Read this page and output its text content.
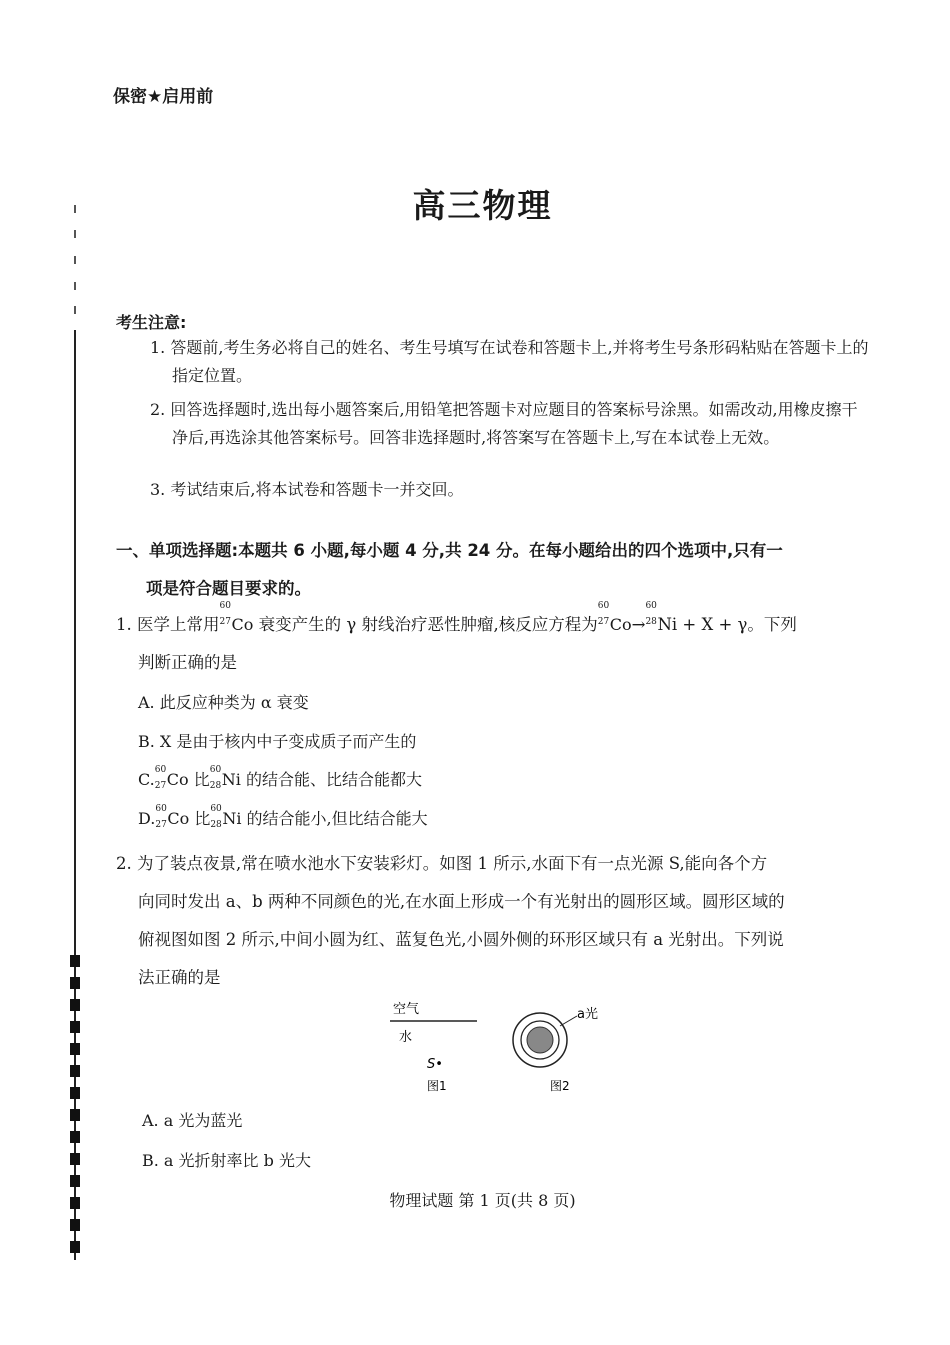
保密★启用前
高三物理
考生注意:
1. 答题前,考生务必将自己的姓名、考生号填写在试卷和答题卡上,并将考生号条形码粘贴在答题卡上的指定位置。
2. 回答选择题时,选出每小题答案后,用铅笔把答题卡对应题目的答案标号涂黑。如需改动,用橡皮擦干净后,再选涂其他答案标号。回答非选择题时,将答案写在答题卡上,写在本试卷上无效。
3. 考试结束后,将本试卷和答题卡一并交回。
一、单项选择题:本题共 6 小题,每小题 4 分,共 24 分。在每小题给出的四个选项中,只有一
项是符合题目要求的。
1. 医学上常用
60
27 Co 衰变产生的 γ 射线治疗恶性肿瘤,核反应方程为
60
27 Co→
60
28 Ni + X + γ。下列
判断正确的是
A. 此反应种类为 α 衰变
B. X 是由于核内中子变成质子而产生的
C. 60
27 Co 比 60
28 Ni 的结合能、比结合能都大
D. 60
27 Co 比 60
28 Ni 的结合能小,但比结合能大
2. 为了装点夜景,常在喷水池水下安装彩灯。如图 1 所示,水面下有一点光源 S,能向各个方
向同时发出 a、b 两种不同颜色的光,在水面上形成一个有光射出的圆形区域。圆形区域的
俯视图如图 2 所示,中间小圆为红、蓝复色光,小圆外侧的环形区域只有 a 光射出。下列说
法正确的是
空气
水
S•
图1
a光
图2
A. a 光为蓝光
B. a 光折射率比 b 光大
物理试题 第 1 页(共 8 页)
